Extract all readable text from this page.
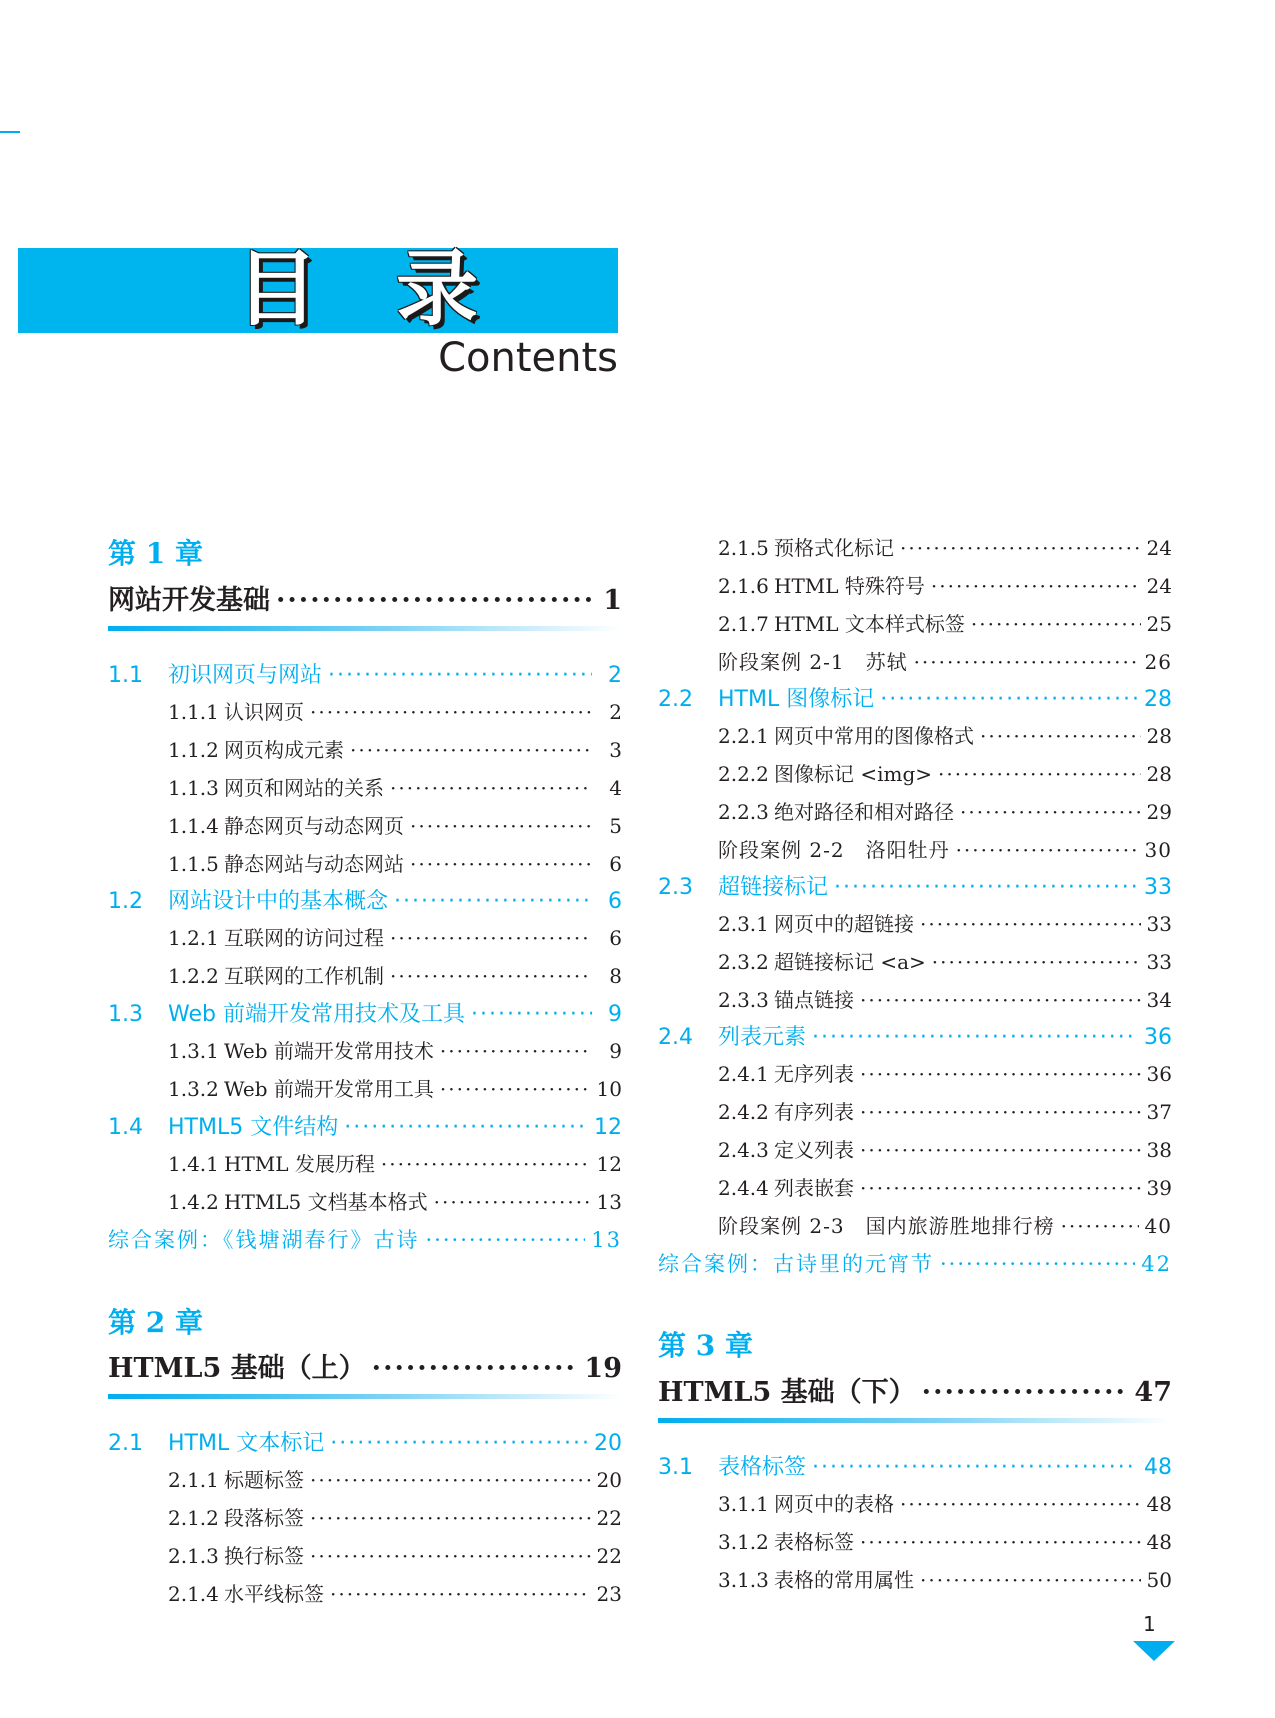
目录
Contents
第 1 章
网站开发基础 ·····	1
1.1	初识网页与网站 ·····	2
1.1.1 认识网页 ·····	2
1.1.2 网页构成元素 ·····	3
1.1.3 网页和网站的关系 ·····	4
1.1.4 静态网页与动态网页 ·····	5
1.1.5 静态网站与动态网站 ·····	6
1.2	网站设计中的基本概念 ·····	6
1.2.1 互联网的访问过程 ·····	6
1.2.2 互联网的工作机制 ·····	8
1.3	Web 前端开发常用技术及工具 ·····	9
1.3.1 Web 前端开发常用技术 ·····	9
1.3.2 Web 前端开发常用工具 ·····	10
1.4	HTML5 文件结构 ·····	12
1.4.1 HTML 发展历程 ·····	12
1.4.2 HTML5 文档基本格式 ·····	13
综合案例：《钱塘湖春行》古诗 ·····	13
第 2 章
HTML5 基础（上） ·····	19
2.1	HTML 文本标记 ·····	20
2.1.1 标题标签 ·····	20
2.1.2 段落标签 ·····	22
2.1.3 换行标签 ·····	22
2.1.4 水平线标签 ·····	23
2.1.5 预格式化标记 ·····	24
2.1.6 HTML 特殊符号 ·····	24
2.1.7 HTML 文本样式标签 ·····	25
阶段案例 2-1　苏轼 ·····	26
2.2	HTML 图像标记 ·····	28
2.2.1 网页中常用的图像格式 ·····	28
2.2.2 图像标记 <img> ·····	28
2.2.3 绝对路径和相对路径 ·····	29
阶段案例 2-2　洛阳牡丹 ·····	30
2.3	超链接标记 ·····	33
2.3.1 网页中的超链接 ·····	33
2.3.2 超链接标记 <a> ·····	33
2.3.3 锚点链接 ·····	34
2.4	列表元素 ·····	36
2.4.1 无序列表 ·····	36
2.4.2 有序列表 ·····	37
2.4.3 定义列表 ·····	38
2.4.4 列表嵌套 ·····	39
阶段案例 2-3　国内旅游胜地排行榜 ·····	40
综合案例：古诗里的元宵节 ·····	42
第 3 章
HTML5 基础（下） ·····	47
3.1	表格标签 ·····	48
3.1.1 网页中的表格 ·····	48
3.1.2 表格标签 ·····	48
3.1.3 表格的常用属性 ·····	50
1
